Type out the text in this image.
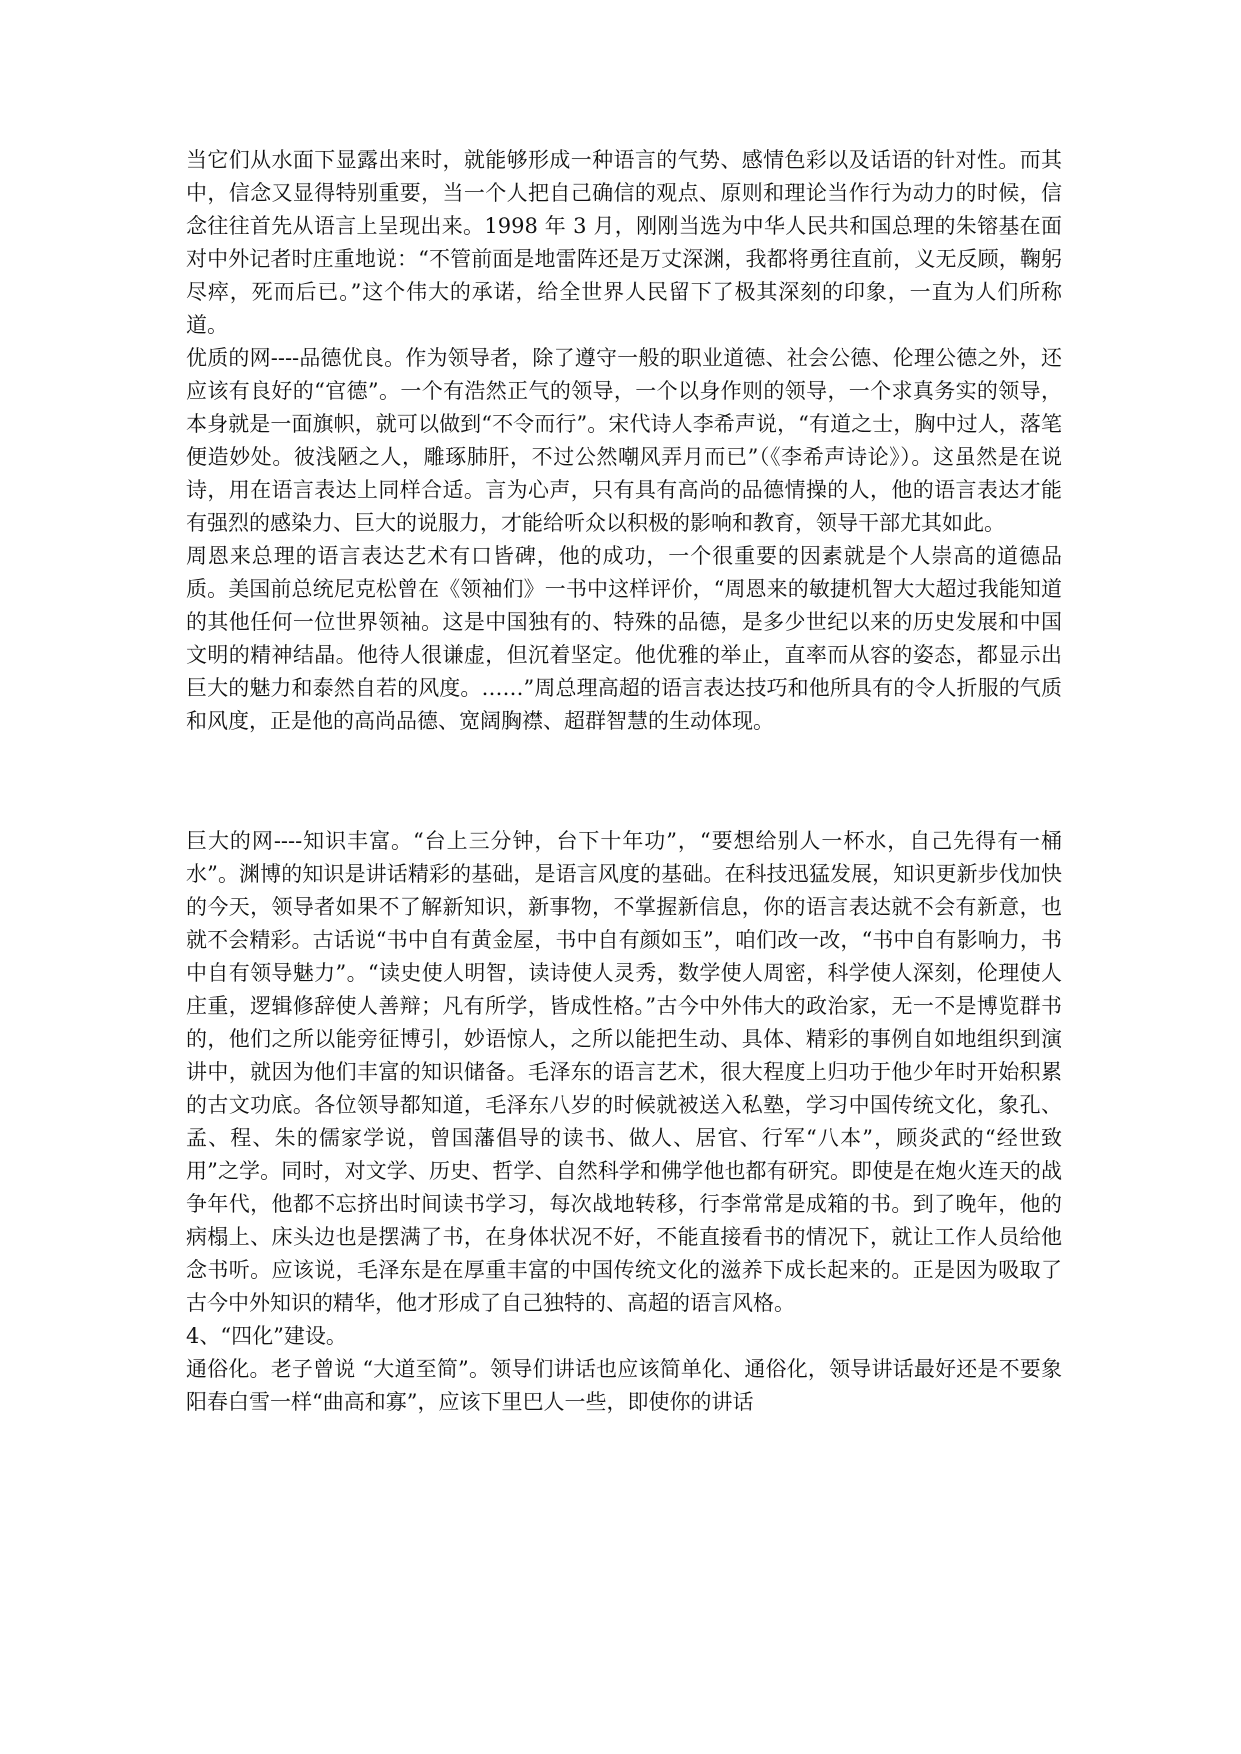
当它们从水面下显露出来时，就能够形成一种语言的气势、感情色彩以及话语的针对性。而其中，信念又显得特别重要，当一个人把自己确信的观点、原则和理论当作行为动力的时候，信念往往首先从语言上呈现出来。1998 年 3 月，刚刚当选为中华人民共和国总理的朱镕基在面对中外记者时庄重地说：“不管前面是地雷阵还是万丈深渊，我都将勇往直前，义无反顾，鞠躬尽瘁，死而后已。”这个伟大的承诺，给全世界人民留下了极其深刻的印象，一直为人们所称道。

优质的网----品德优良。作为领导者，除了遵守一般的职业道德、社会公德、伦理公德之外，还应该有良好的“官德”。一个有浩然正气的领导，一个以身作则的领导，一个求真务实的领导，本身就是一面旗帜，就可以做到“不令而行”。宋代诗人李希声说，“有道之士，胸中过人，落笔便造妙处。彼浅陋之人，雕琢肺肝，不过公然嘲风弄月而已”（《李希声诗论》）。这虽然是在说诗，用在语言表达上同样合适。言为心声，只有具有高尚的品德情操的人，他的语言表达才能有强烈的感染力、巨大的说服力，才能给听众以积极的影响和教育，领导干部尤其如此。

周恩来总理的语言表达艺术有口皆碑，他的成功，一个很重要的因素就是个人崇高的道德品质。美国前总统尼克松曾在《领袖们》一书中这样评价，“周恩来的敏捷机智大大超过我能知道的其他任何一位世界领袖。这是中国独有的、特殊的品德，是多少世纪以来的历史发展和中国文明的精神结晶。他待人很谦虚，但沉着坚定。他优雅的举止，直率而从容的姿态，都显示出巨大的魅力和泰然自若的风度。……”周总理高超的语言表达技巧和他所具有的令人折服的气质和风度，正是他的高尚品德、宽阔胸襟、超群智慧的生动体现。

巨大的网----知识丰富。“台上三分钟，台下十年功”，“要想给别人一杯水，自己先得有一桶水”。渊博的知识是讲话精彩的基础，是语言风度的基础。在科技迅猛发展，知识更新步伐加快的今天，领导者如果不了解新知识，新事物，不掌握新信息，你的语言表达就不会有新意，也就不会精彩。古话说“书中自有黄金屋，书中自有颜如玉”，咱们改一改，“书中自有影响力，书中自有领导魅力”。“读史使人明智，读诗使人灵秀，数学使人周密，科学使人深刻，伦理使人庄重，逻辑修辞使人善辩；凡有所学，皆成性格。”古今中外伟大的政治家，无一不是博览群书的，他们之所以能旁征博引，妙语惊人，之所以能把生动、具体、精彩的事例自如地组织到演讲中，就因为他们丰富的知识储备。毛泽东的语言艺术，很大程度上归功于他少年时开始积累的古文功底。各位领导都知道，毛泽东八岁的时候就被送入私塾，学习中国传统文化，象孔、孟、程、朱的儒家学说，曾国藩倡导的读书、做人、居官、行军“八本”，顾炎武的“经世致用”之学。同时，对文学、历史、哲学、自然科学和佛学他也都有研究。即使是在炮火连天的战争年代，他都不忘挤出时间读书学习，每次战地转移，行李常常是成箱的书。到了晚年，他的病榻上、床头边也是摆满了书，在身体状况不好，不能直接看书的情况下，就让工作人员给他念书听。应该说，毛泽东是在厚重丰富的中国传统文化的滋养下成长起来的。正是因为吸取了古今中外知识的精华，他才形成了自己独特的、高超的语言风格。

4、“四化”建设。

通俗化。老子曾说 “大道至简”。领导们讲话也应该简单化、通俗化，领导讲话最好还是不要象阳春白雪一样“曲高和寡”，应该下里巴人一些，即使你的讲话
